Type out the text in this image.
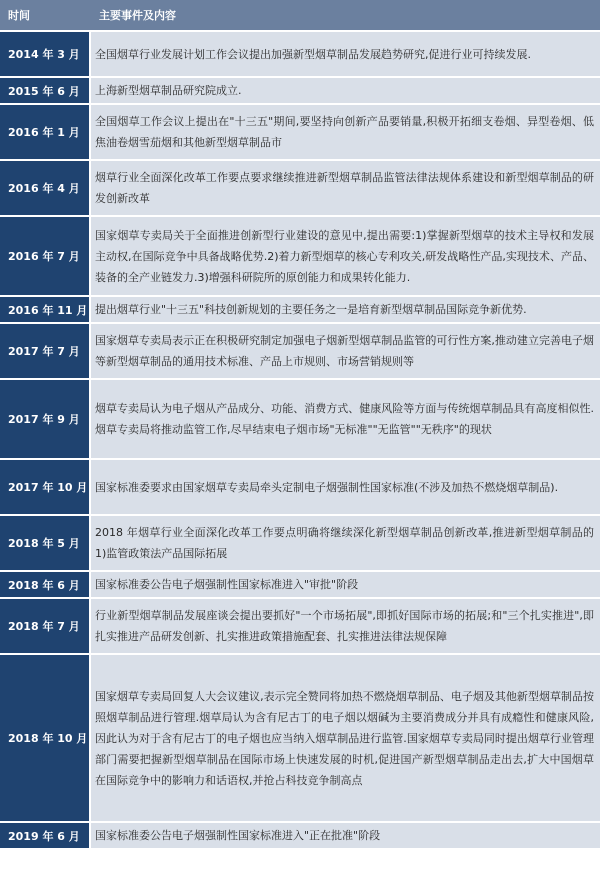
时间	主要事件及内容
2014 年 3 月	全国烟草行业发展计划工作会议提出加强新型烟草制品发展趋势研究,促进行业可持续发展.
2015 年 6 月	上海新型烟草制品研究院成立.
2016 年 1 月	全国烟草工作会议上提出在"十三五"期间,要坚持向创新产品要销量,积极开拓细支卷烟、异型卷烟、低焦油卷烟雪茄烟和其他新型烟草制品市
2016 年 4 月	烟草行业全面深化改革工作要点要求继续推进新型烟草制品监管法律法规体系建设和新型烟草制品的研发创新改革
2016 年 7 月	国家烟草专卖局关于全面推进创新型行业建设的意见中,提出需要:1)掌握新型烟草的技术主导权和发展主动权,在国际竞争中具备战略优势.2)着力新型烟草的核心专利攻关,研发战略性产品,实现技术、产品、装备的全产业链发力.3)增强科研院所的原创能力和成果转化能力.
2016 年 11 月	提出烟草行业"十三五"科技创新规划的主要任务之一是培育新型烟草制品国际竞争新优势.
2017 年 7 月	国家烟草专卖局表示正在积极研究制定加强电子烟新型烟草制品监管的可行性方案,推动建立完善电子烟等新型烟草制品的通用技术标准、产品上市规则、市场营销规则等
2017 年 9 月	烟草专卖局认为电子烟从产品成分、功能、消费方式、健康风险等方面与传统烟草制品具有高度相似性.烟草专卖局将推动监管工作,尽早结束电子烟市场"无标准""无监管""无秩序"的现状
2017 年 10 月	国家标准委要求由国家烟草专卖局牵头定制电子烟强制性国家标准(不涉及加热不燃烧烟草制品).
2018 年 5 月	2018 年烟草行业全面深化改革工作要点明确将继续深化新型烟草制品创新改革,推进新型烟草制品的 1)监管政策法产品国际拓展
2018 年 6 月	国家标准委公告电子烟强制性国家标准进入"审批"阶段
2018 年 7 月	行业新型烟草制品发展座谈会提出要抓好"一个市场拓展",即抓好国际市场的拓展;和"三个扎实推进",即扎实推进产品研发创新、扎实推进政策措施配套、扎实推进法律法规保障
2018 年 10 月	国家烟草专卖局回复人大会议建议,表示完全赞同将加热不燃烧烟草制品、电子烟及其他新型烟草制品按照烟草制品进行管理.烟草局认为含有尼古丁的电子烟以烟碱为主要消费成分并具有成瘾性和健康风险,因此认为对于含有尼古丁的电子烟也应当纳入烟草制品进行监管.国家烟草专卖局同时提出烟草行业管理部门需要把握新型烟草制品在国际市场上快速发展的时机,促进国产新型烟草制品走出去,扩大中国烟草在国际竞争中的影响力和话语权,并抢占科技竞争制高点
2019 年 6 月	国家标准委公告电子烟强制性国家标准进入"正在批准"阶段
